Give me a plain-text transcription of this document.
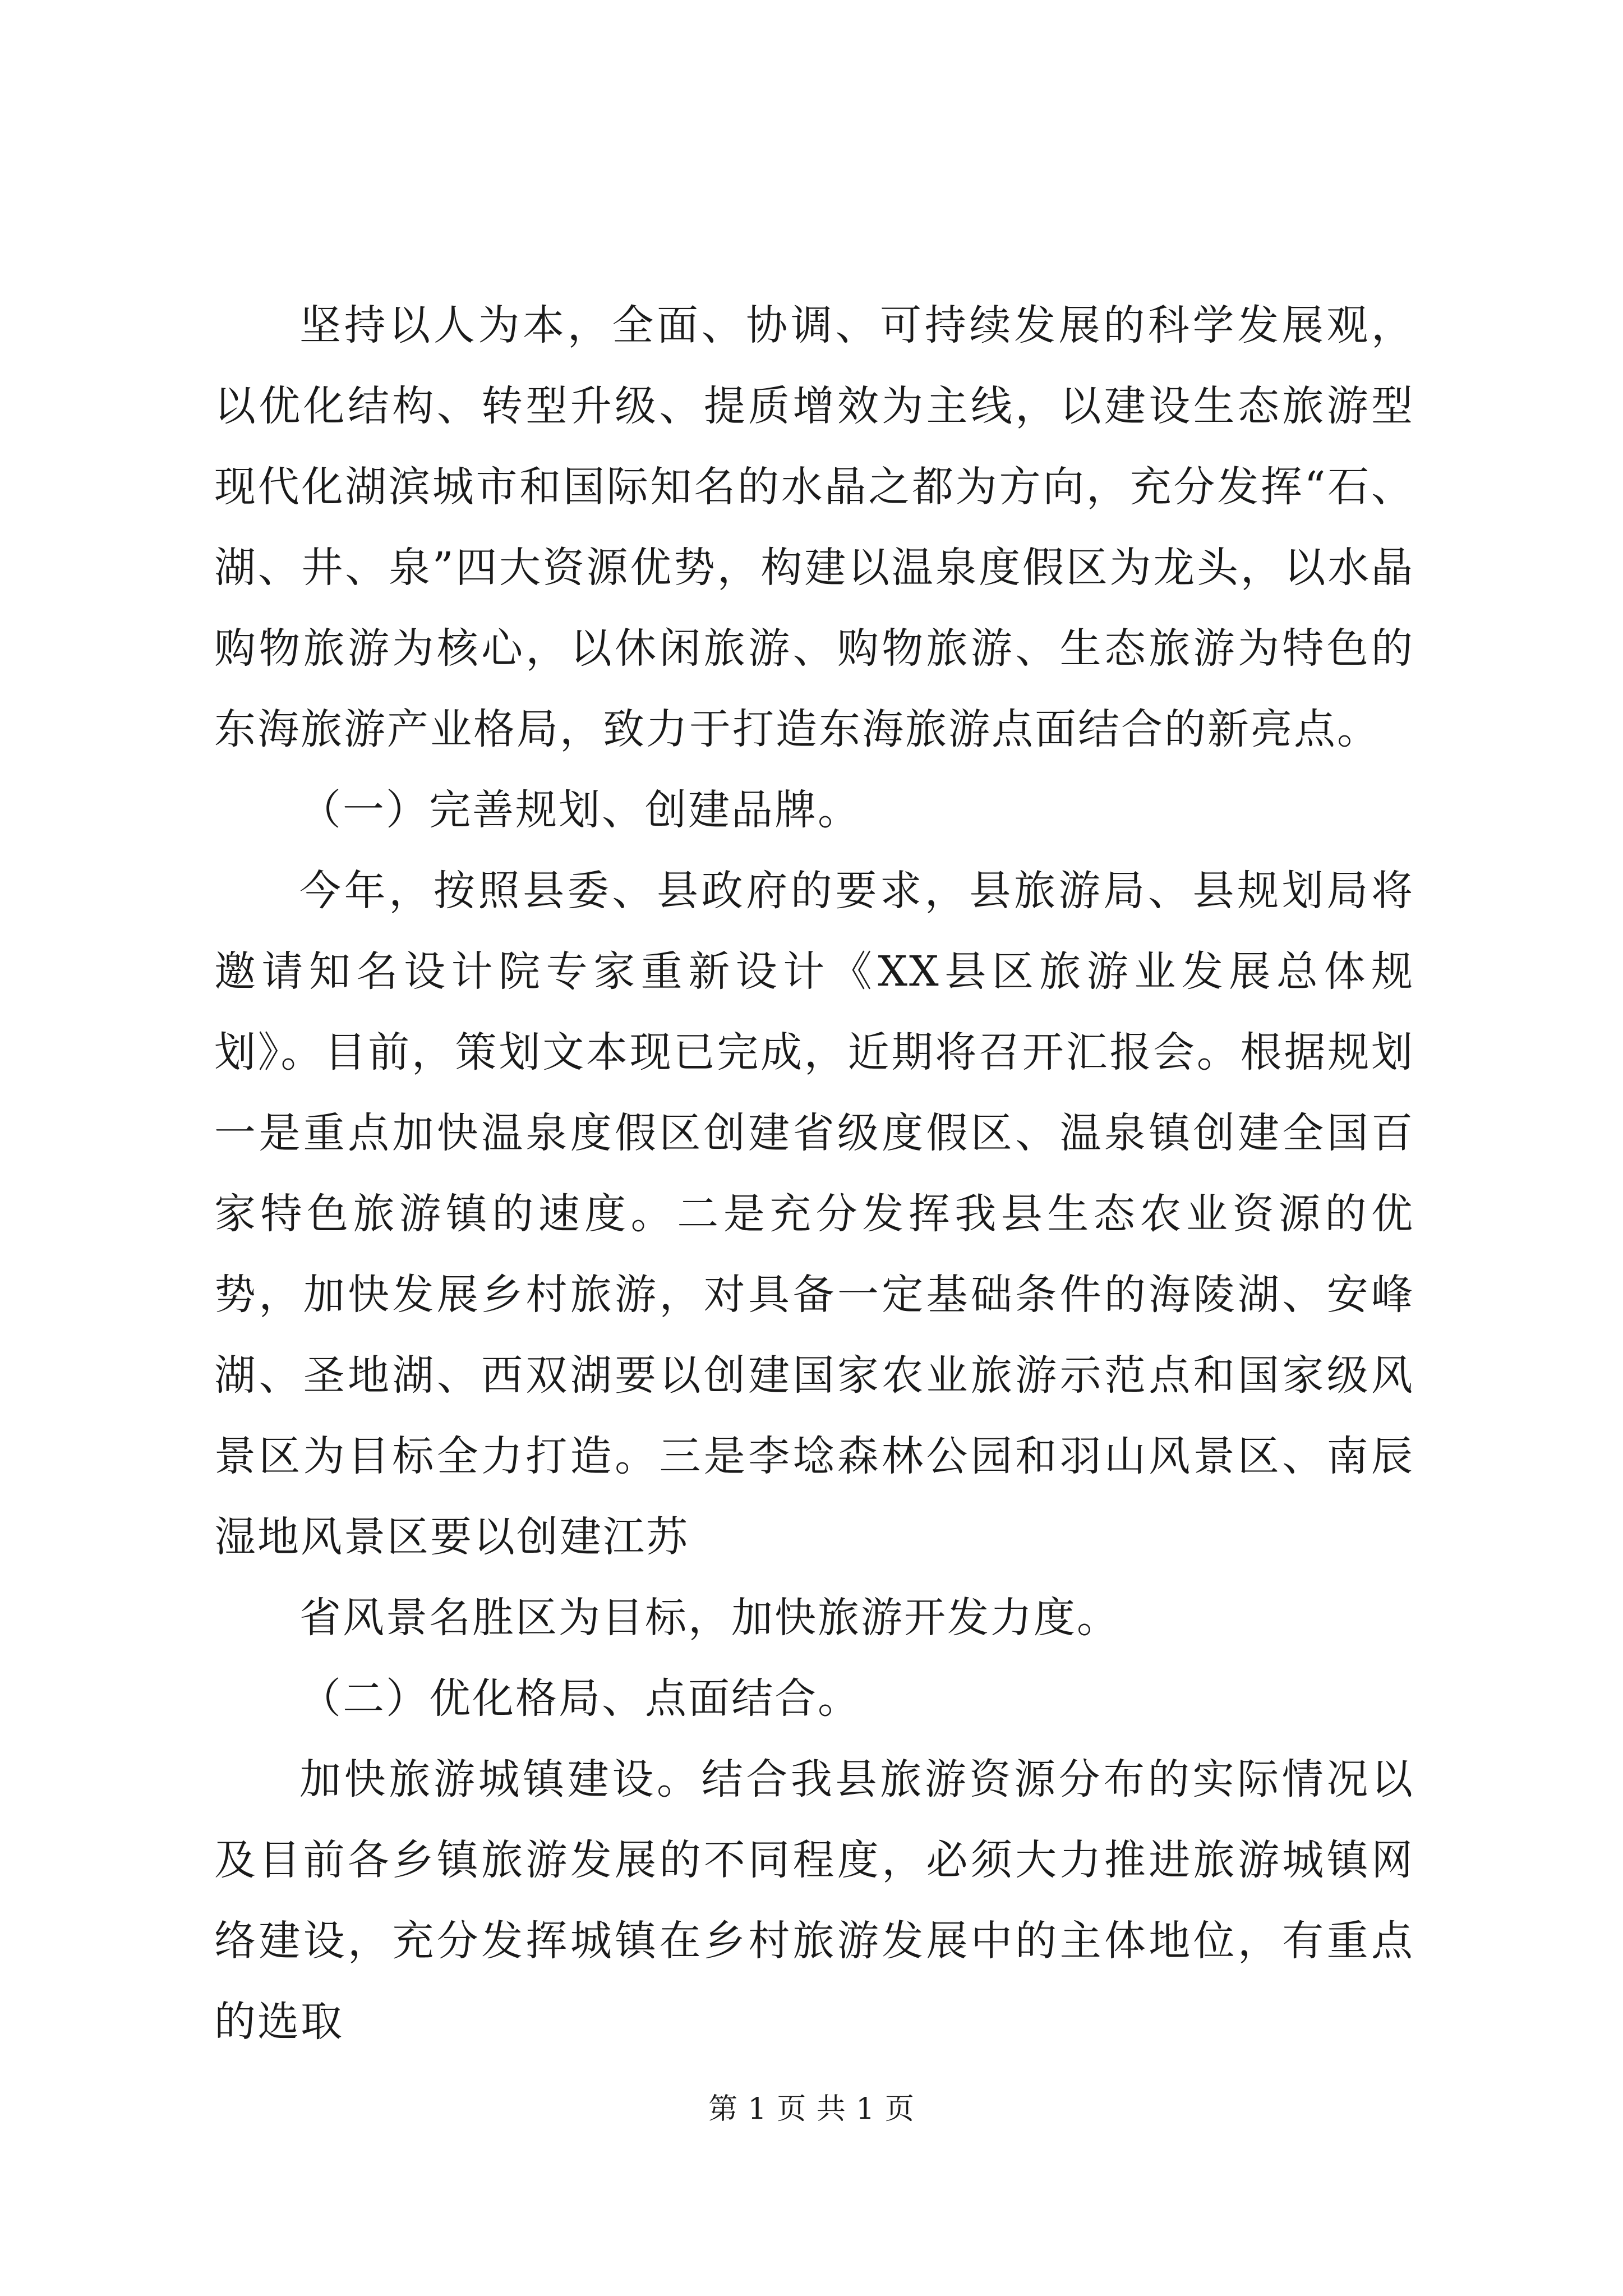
坚持以人为本，全面、协调、可持续发展的科学发展观，以优化结构、转型升级、提质增效为主线，以建设生态旅游型现代化湖滨城市和国际知名的水晶之都为方向，充分发挥“石、湖、井、泉”四大资源优势，构建以温泉度假区为龙头，以水晶购物旅游为核心，以休闲旅游、购物旅游、生态旅游为特色的东海旅游产业格局，致力于打造东海旅游点面结合的新亮点。

（一）完善规划、创建品牌。

今年，按照县委、县政府的要求，县旅游局、县规划局将邀请知名设计院专家重新设计《XX县区旅游业发展总体规划》。目前，策划文本现已完成，近期将召开汇报会。根据规划一是重点加快温泉度假区创建省级度假区、温泉镇创建全国百家特色旅游镇的速度。二是充分发挥我县生态农业资源的优势，加快发展乡村旅游，对具备一定基础条件的海陵湖、安峰湖、圣地湖、西双湖要以创建国家农业旅游示范点和国家级风景区为目标全力打造。三是李埝森林公园和羽山风景区、南辰湿地风景区要以创建江苏

省风景名胜区为目标，加快旅游开发力度。

（二）优化格局、点面结合。

加快旅游城镇建设。结合我县旅游资源分布的实际情况以及目前各乡镇旅游发展的不同程度，必须大力推进旅游城镇网络建设，充分发挥城镇在乡村旅游发展中的主体地位，有重点的选取

第 1 页 共 1 页
